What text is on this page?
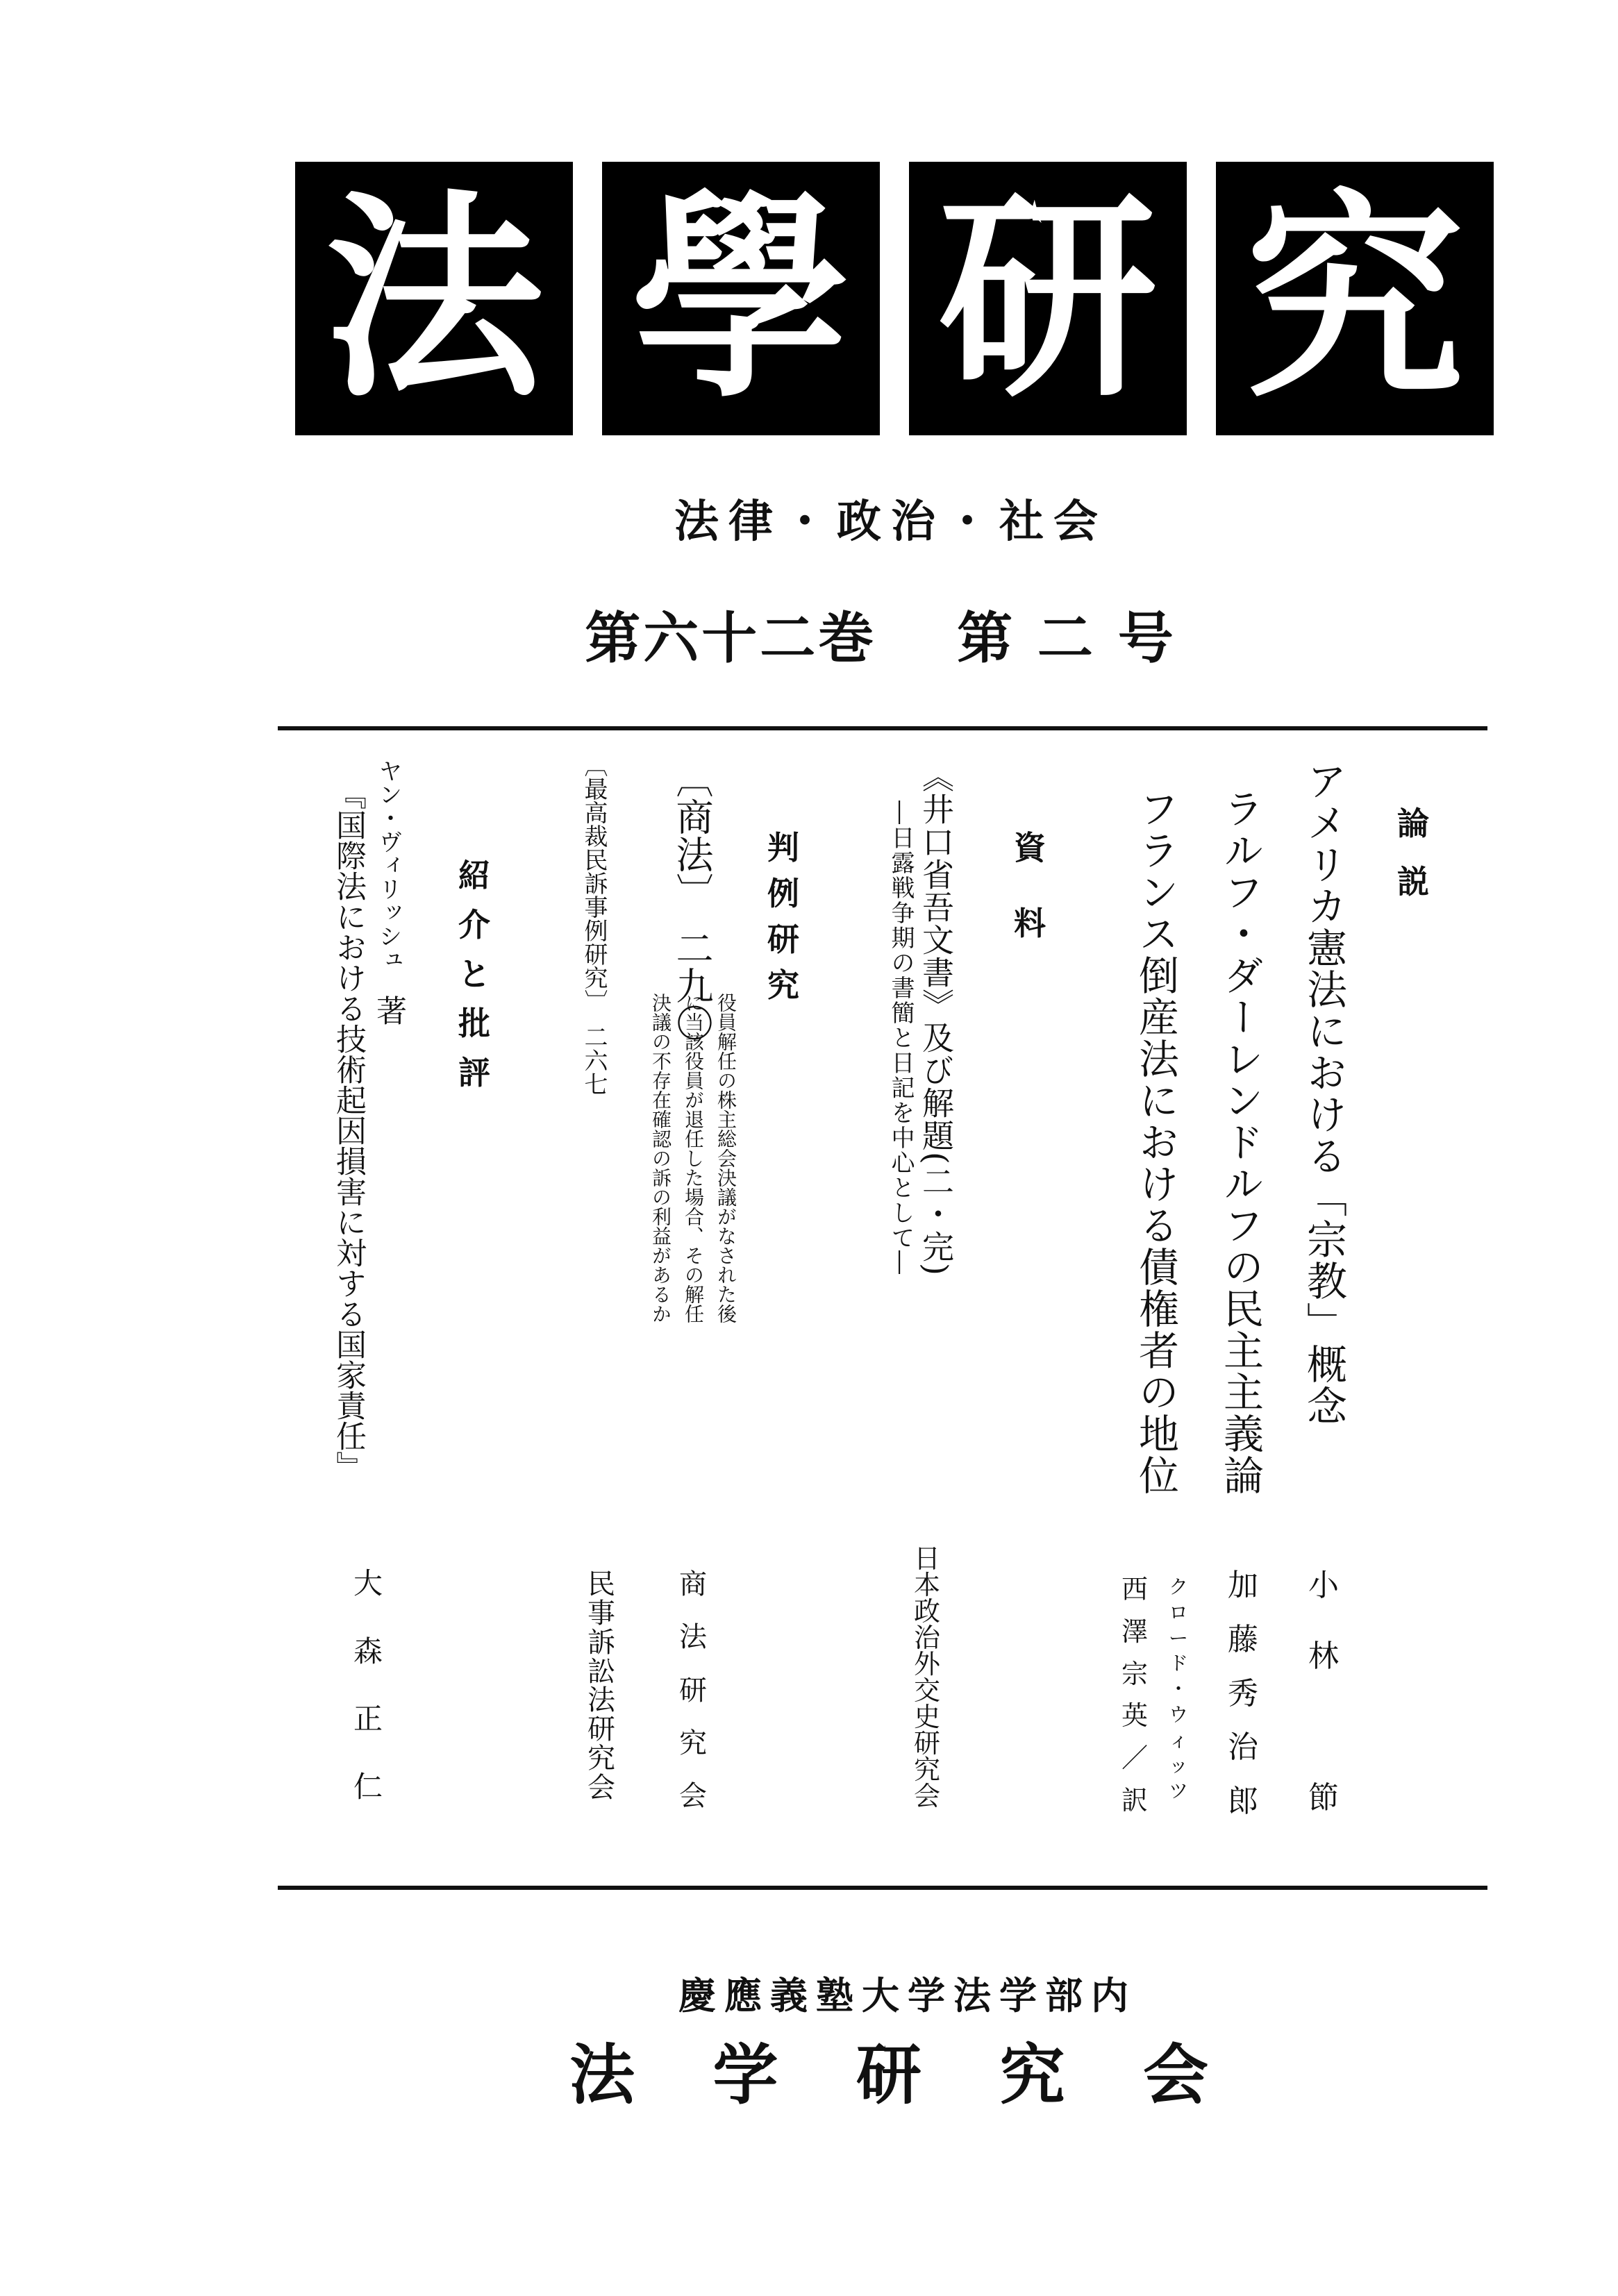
法 學 研 究
法律・政治・社会
第六十二巻　 第 二 号
論
説
アメリカ憲法における「宗教」概念
ラルフ・ダーレンドルフの民主主義論
フランス倒産法における債権者の地位
資
料
《井口省吾文書》及び解題(二・完)
―日露戦争期の書簡と日記を中心として―
判
例
研
究
〔商法〕　二九〇
役員解任の株主総会決議がなされた後
に当該役員が退任した場合、その解任
決議の不存在確認の訴の利益があるか
〔最高裁民訴事例研究〕　二六七
紹
介
と
批
評
ヤン・ヴィリッシュ　著
『国際法における技術起因損害に対する国家責任』
小
林

節
加
藤
秀
治
郎
ク
ロ
ー
ド
・
ウ
ィ
ッ
ツ
西
澤
宗
英
／
訳
日
本
政
治
外
交
史
研
究
会
商
法
研
究
会
民
事
訴
訟
法
研
究
会
大
森
正
仁
慶應義塾大学法学部内
法 学 研 究 会
